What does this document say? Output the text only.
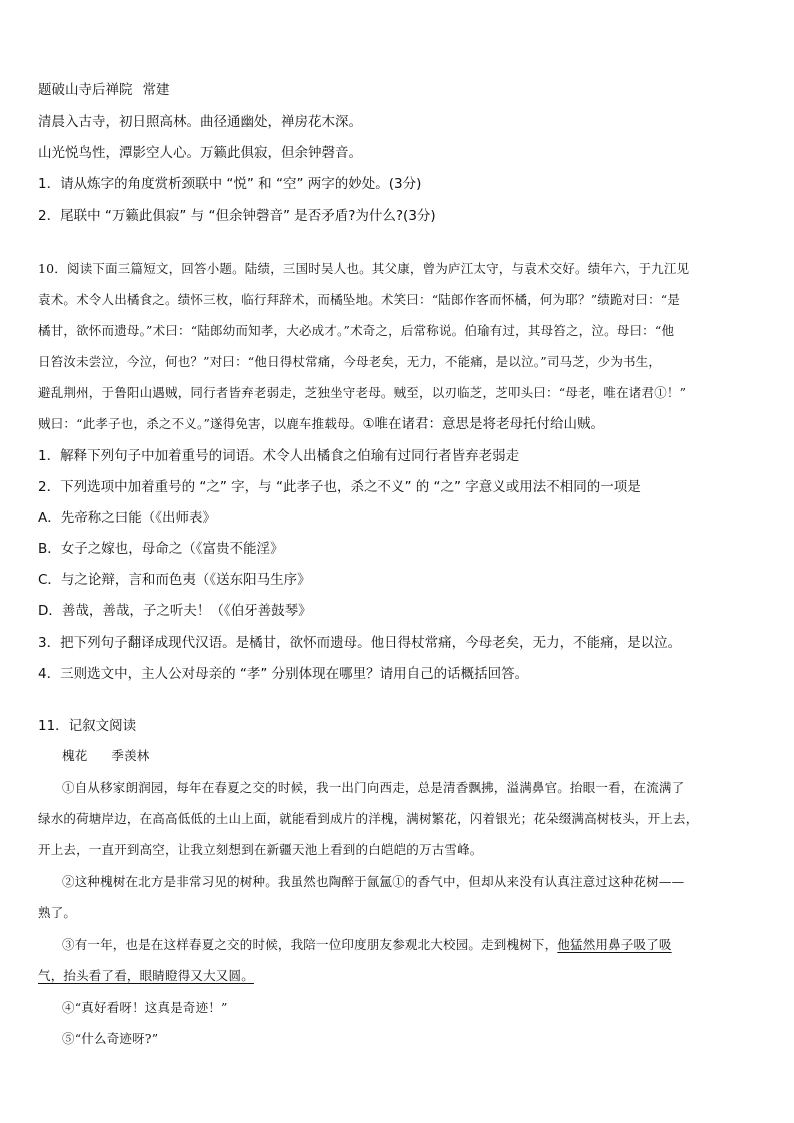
题破山寺后禅院 常建
清晨入古寺，初日照高林。曲径通幽处，禅房花木深。
山光悦鸟性，潭影空人心。万籁此俱寂，但余钟磬音。
1．请从炼字的角度赏析颈联中 “悦” 和 “空” 两字的妙处。(3分)
2．尾联中 “万籁此俱寂” 与 “但余钟磬音” 是否矛盾?为什么?(3分)
10．阅读下面三篇短文，回答小题。陆绩，三国时吴人也。其父康，曾为庐江太守，与袁术交好。绩年六，于九江见
袁术。术令人出橘食之。绩怀三枚，临行拜辞术，而橘坠地。术笑曰：“陆郎作客而怀橘，何为耶？”绩跪对曰：“是
橘甘，欲怀而遗母。”术曰：“陆郎幼而知孝，大必成才。”术奇之，后常称说。伯瑜有过，其母笞之，泣。母曰：“他
日笞汝未尝泣，今泣，何也？”对曰：“他日得杖常痛，今母老矣，无力，不能痛，是以泣。”司马芝，少为书生，
避乱荆州，于鲁阳山遇贼，同行者皆弃老弱走，芝独坐守老母。贼至，以刃临芝，芝叩头曰：“母老，唯在诸君①！”
贼曰：“此孝子也，杀之不义。”遂得免害，以鹿车推载母。①唯在诸君：意思是将老母托付给山贼。
1．解释下列句子中加着重号的词语。术令人出橘食之伯瑜有过同行者皆弃老弱走
2．下列选项中加着重号的 “之” 字，与 “此孝子也，杀之不义” 的 “之” 字意义或用法不相同的一项是
A．先帝称之曰能（《出师表》
B．女子之嫁也，母命之（《富贵不能淫》
C．与之论辩，言和而色夷（《送东阳马生序》
D．善哉，善哉，子之听夫！（《伯牙善鼓琴》
3．把下列句子翻译成现代汉语。是橘甘，欲怀而遗母。他日得杖常痛，今母老矣，无力，不能痛，是以泣。
4．三则选文中，主人公对母亲的 “孝” 分别体现在哪里？请用自己的话概括回答。
11．记叙文阅读
槐花 季羡林
①自从移家朗润园，每年在春夏之交的时候，我一出门向西走，总是清香飘拂，溢满鼻官。抬眼一看，在流满了
绿水的荷塘岸边，在高高低低的土山上面，就能看到成片的洋槐，满树繁花，闪着银光；花朵缀满高树枝头，开上去，
开上去，一直开到高空，让我立刻想到在新疆天池上看到的白皑皑的万古雪峰。
②这种槐树在北方是非常习见的树种。我虽然也陶醉于氤氲①的香气中，但却从来没有认真注意过这种花树——
熟了。
③有一年，也是在这样春夏之交的时候，我陪一位印度朋友参观北大校园。走到槐树下，他猛然用鼻子吸了吸
气，抬头看了看，眼睛瞪得又大又圆。
④“真好看呀！这真是奇迹！”
⑤“什么奇迹呀?”
